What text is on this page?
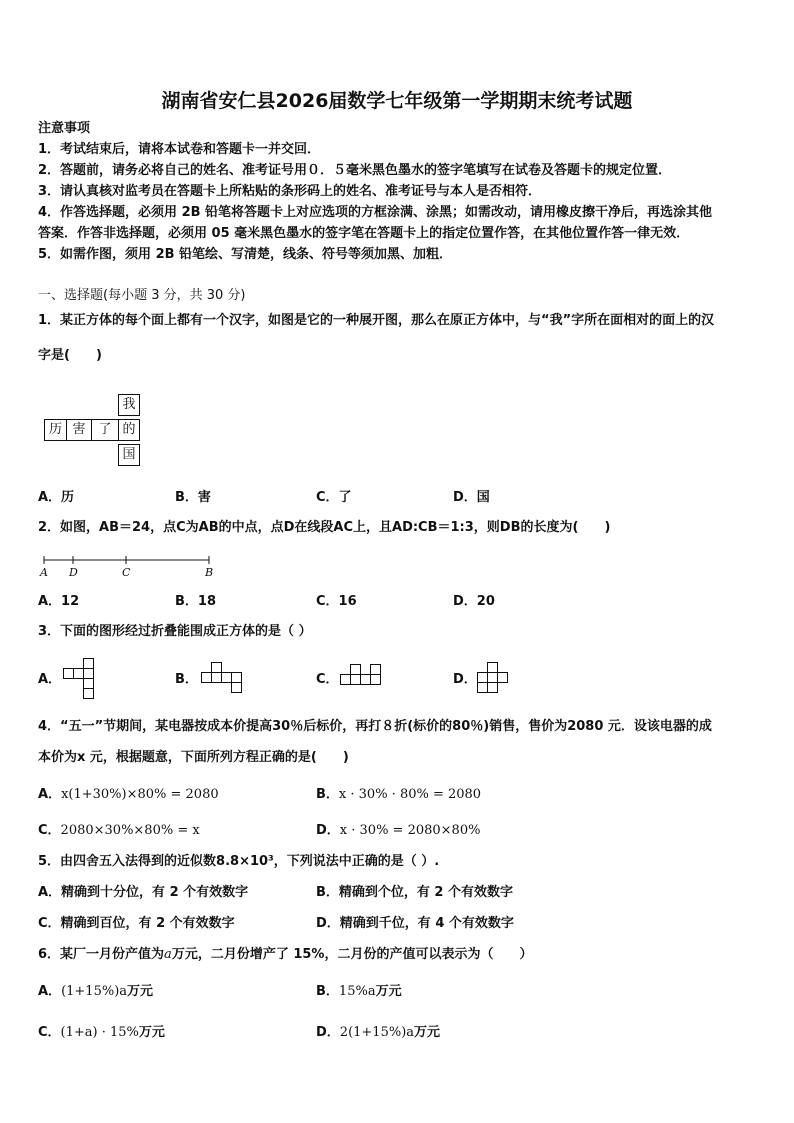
湖南省安仁县2026届数学七年级第一学期期末统考试题
注意事项
1．考试结束后，请将本试卷和答题卡一并交回．
2．答题前，请务必将自己的姓名、准考证号用０．５毫米黑色墨水的签字笔填写在试卷及答题卡的规定位置．
3．请认真核对监考员在答题卡上所粘贴的条形码上的姓名、准考证号与本人是否相符．
4．作答选择题，必须用 2B 铅笔将答题卡上对应选项的方框涂满、涂黑；如需改动，请用橡皮擦干净后，再选涂其他
答案．作答非选择题，必须用 05 毫米黑色墨水的签字笔在答题卡上的指定位置作答，在其他位置作答一律无效．
5．如需作图，须用 2B 铅笔绘、写清楚，线条、符号等须加黑、加粗．
一、选择题(每小题 3 分，共 30 分)
1．某正方体的每个面上都有一个汉字，如图是它的一种展开图，那么在原正方体中，与“我”字所在面相对的面上的汉
字是(　　)
我
历 害 了 的
国
A．历	B．害	C．了	D．国
2．如图，AB＝24，点C为AB的中点，点D在线段AC上，且AD:CB＝1:3，则DB的长度为(　　)
A D	C	B
A．12	B．18	C．16	D．20
3．下面的图形经过折叠能围成正方体的是（ ）
A．	B．	C．	D．
4．“五一”节期间，某电器按成本价提高30％后标价，再打８折(标价的80％)销售，售价为2080 元．设该电器的成
本价为x 元，根据题意，下面所列方程正确的是(　　)
A．x(1+30%)×80% = 2080	B．x · 30% · 80% = 2080
C．2080×30%×80% = x	D．x · 30% = 2080×80%
5．由四舍五入法得到的近似数8.8×10³，下列说法中正确的是（ ）.
A．精确到十分位，有 2 个有效数字	B．精确到个位，有 2 个有效数字
C．精确到百位，有 2 个有效数字	D．精确到千位，有 4 个有效数字
6．某厂一月份产值为a万元，二月份增产了 15%，二月份的产值可以表示为（　　）
A．(1+15%)a万元	B．15%a万元
C．(1+a) · 15%万元	D．2(1+15%)a万元
